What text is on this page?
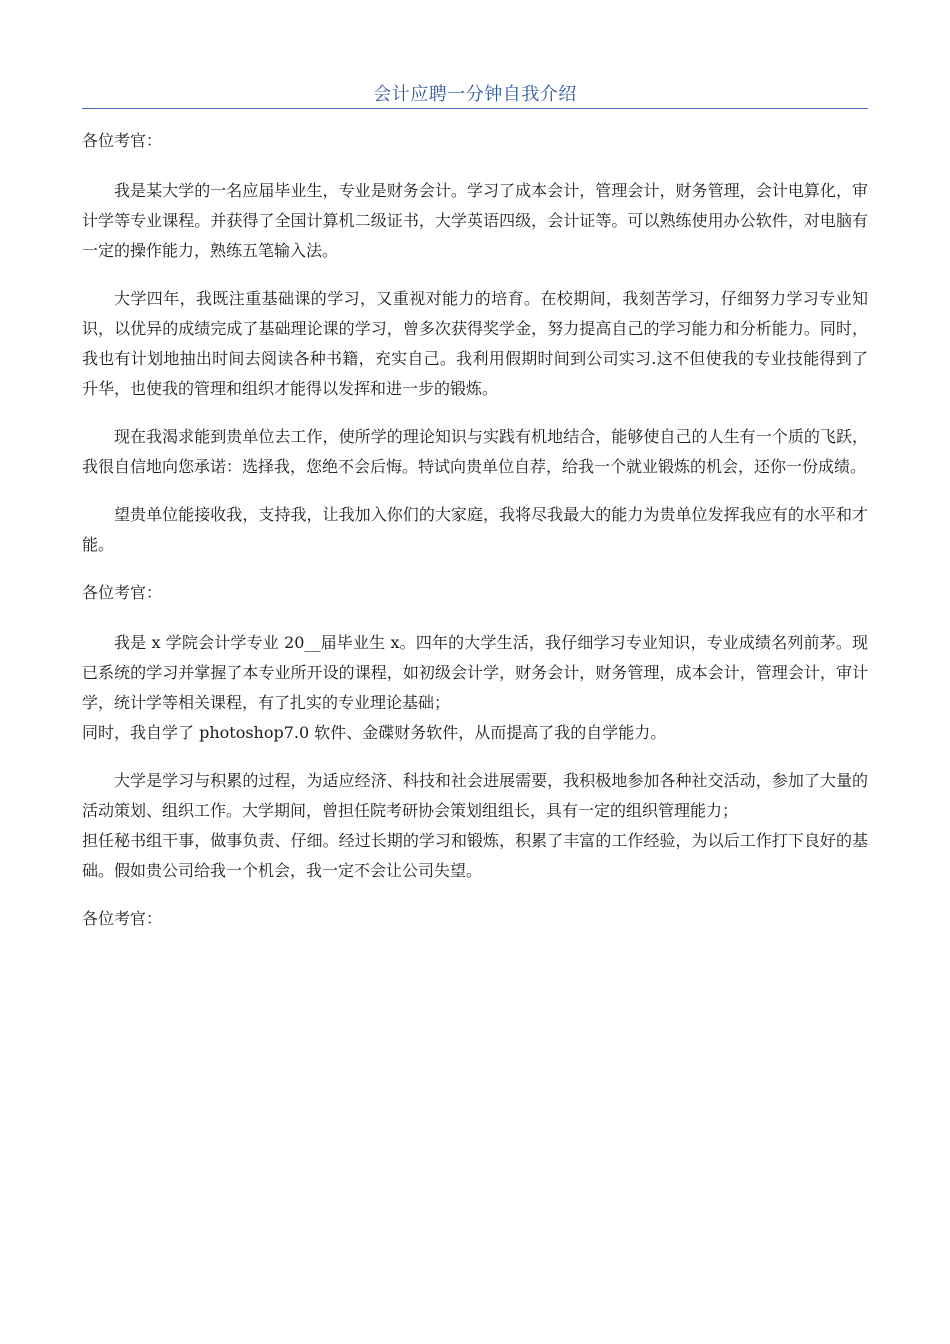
会计应聘一分钟自我介绍

各位考官：

我是某大学的一名应届毕业生，专业是财务会计。学习了成本会计，管理会计，财务管理，会计电算化，审计学等专业课程。并获得了全国计算机二级证书，大学英语四级，会计证等。可以熟练使用办公软件，对电脑有一定的操作能力，熟练五笔输入法。

大学四年，我既注重基础课的学习，又重视对能力的培育。在校期间，我刻苦学习，仔细努力学习专业知识，以优异的成绩完成了基础理论课的学习，曾多次获得奖学金，努力提高自己的学习能力和分析能力。同时，我也有计划地抽出时间去阅读各种书籍，充实自己。我利用假期时间到公司实习.这不但使我的专业技能得到了升华，也使我的管理和组织才能得以发挥和进一步的锻炼。

现在我渴求能到贵单位去工作，使所学的理论知识与实践有机地结合，能够使自己的人生有一个质的飞跃，我很自信地向您承诺：选择我，您绝不会后悔。特试向贵单位自荐，给我一个就业锻炼的机会，还你一份成绩。

望贵单位能接收我，支持我，让我加入你们的大家庭，我将尽我最大的能力为贵单位发挥我应有的水平和才能。

各位考官：

我是 x 学院会计学专业 20__届毕业生 x。四年的大学生活，我仔细学习专业知识，专业成绩名列前茅。现已系统的学习并掌握了本专业所开设的课程，如初级会计学，财务会计，财务管理，成本会计，管理会计，审计学，统计学等相关课程，有了扎实的专业理论基础；

同时，我自学了 photoshop7.0 软件、金碟财务软件，从而提高了我的自学能力。

大学是学习与积累的过程，为适应经济、科技和社会进展需要，我积极地参加各种社交活动，参加了大量的活动策划、组织工作。大学期间，曾担任院考研协会策划组组长，具有一定的组织管理能力；

担任秘书组干事，做事负责、仔细。经过长期的学习和锻炼，积累了丰富的工作经验，为以后工作打下良好的基础。假如贵公司给我一个机会，我一定不会让公司失望。

各位考官：
